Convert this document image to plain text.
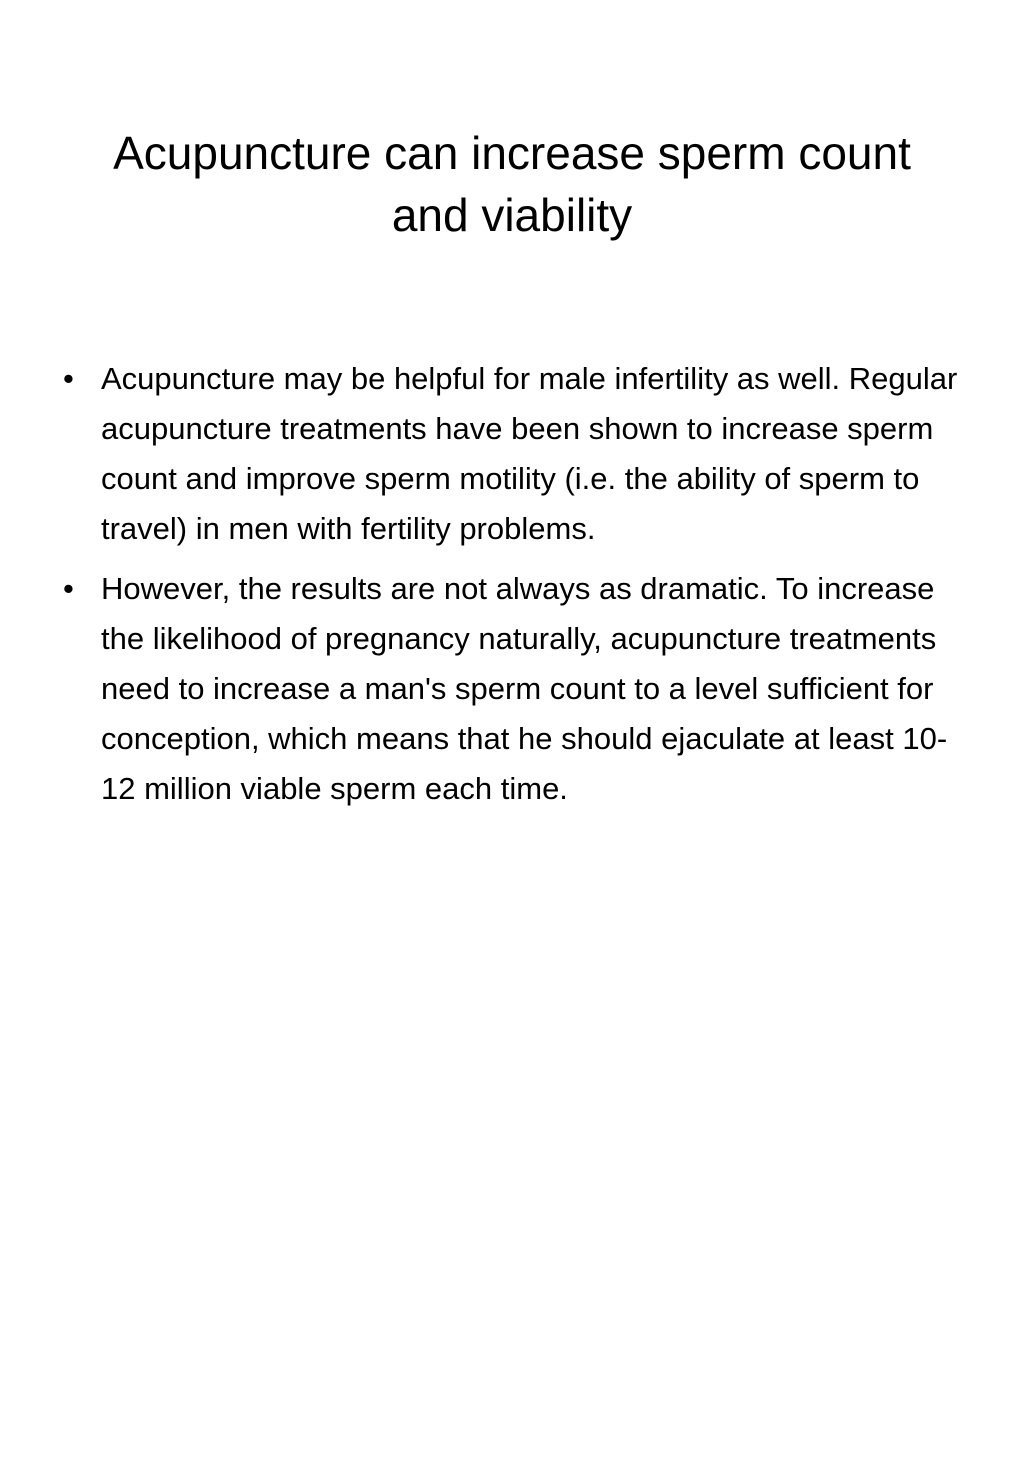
Acupuncture can increase sperm count and viability
• Acupuncture may be helpful for male infertility as well. Regular acupuncture treatments have been shown to increase sperm count and improve sperm motility (i.e. the ability of sperm to travel) in men with fertility problems.
• However, the results are not always as dramatic. To increase the likelihood of pregnancy naturally, acupuncture treatments need to increase a man's sperm count to a level sufficient for conception, which means that he should ejaculate at least 10-12 million viable sperm each time.
